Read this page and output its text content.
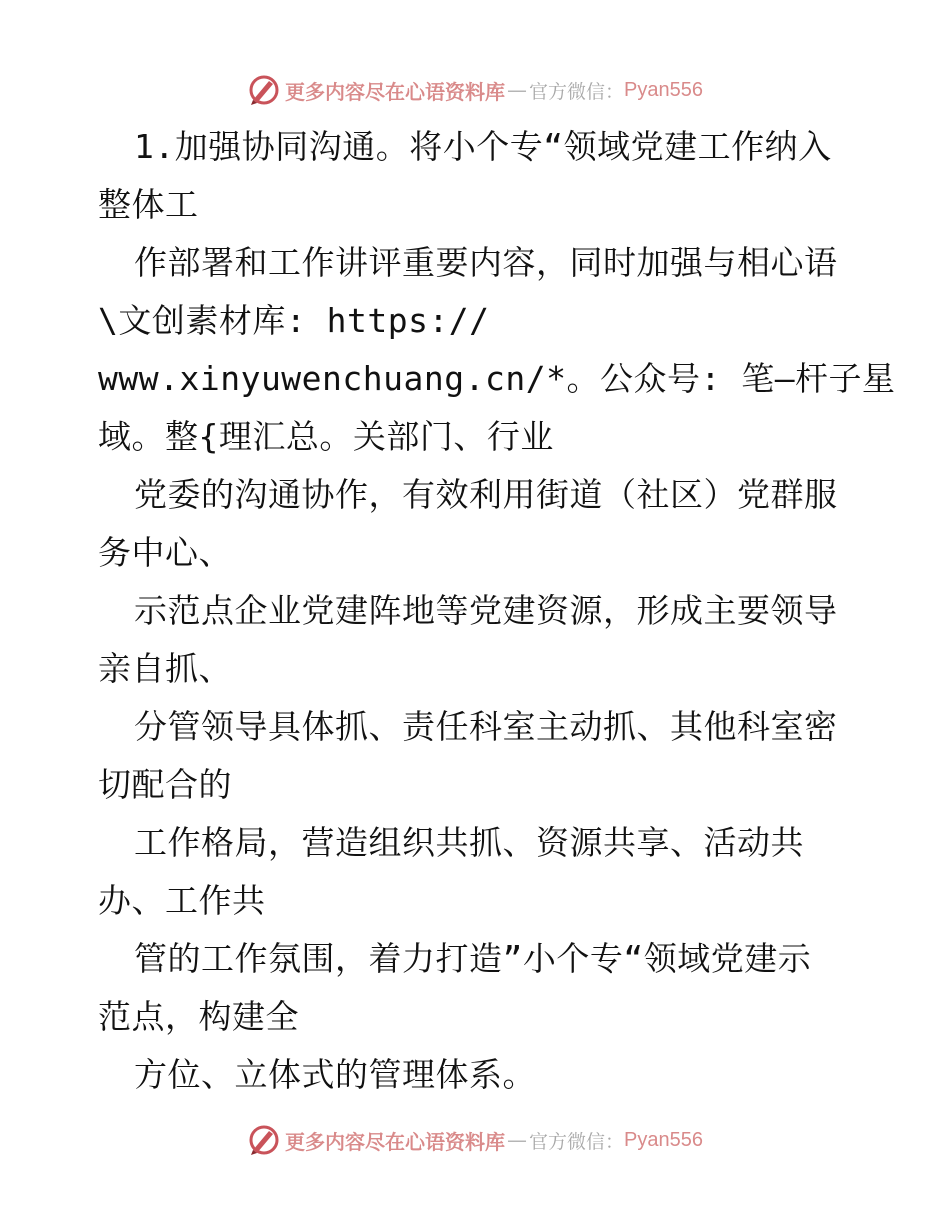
更多内容尽在心语资料库 — 官方微信： Pyan556
1.加强协同沟通。将小个专“领域党建工作纳入
整体工
作部署和工作讲评重要内容，同时加强与相心语
\文创素材库: https://
www.xinyuwenchuang.cn/*。公众号: 笔—杆子星
域。整{理汇总。关部门、行业
党委的沟通协作，有效利用街道（社区）党群服
务中心、
示范点企业党建阵地等党建资源，形成主要领导
亲自抓、
分管领导具体抓、责任科室主动抓、其他科室密
切配合的
工作格局，营造组织共抓、资源共享、活动共
办、工作共
管的工作氛围，着力打造”小个专“领域党建示
范点，构建全
方位、立体式的管理体系。
更多内容尽在心语资料库 — 官方微信： Pyan556
